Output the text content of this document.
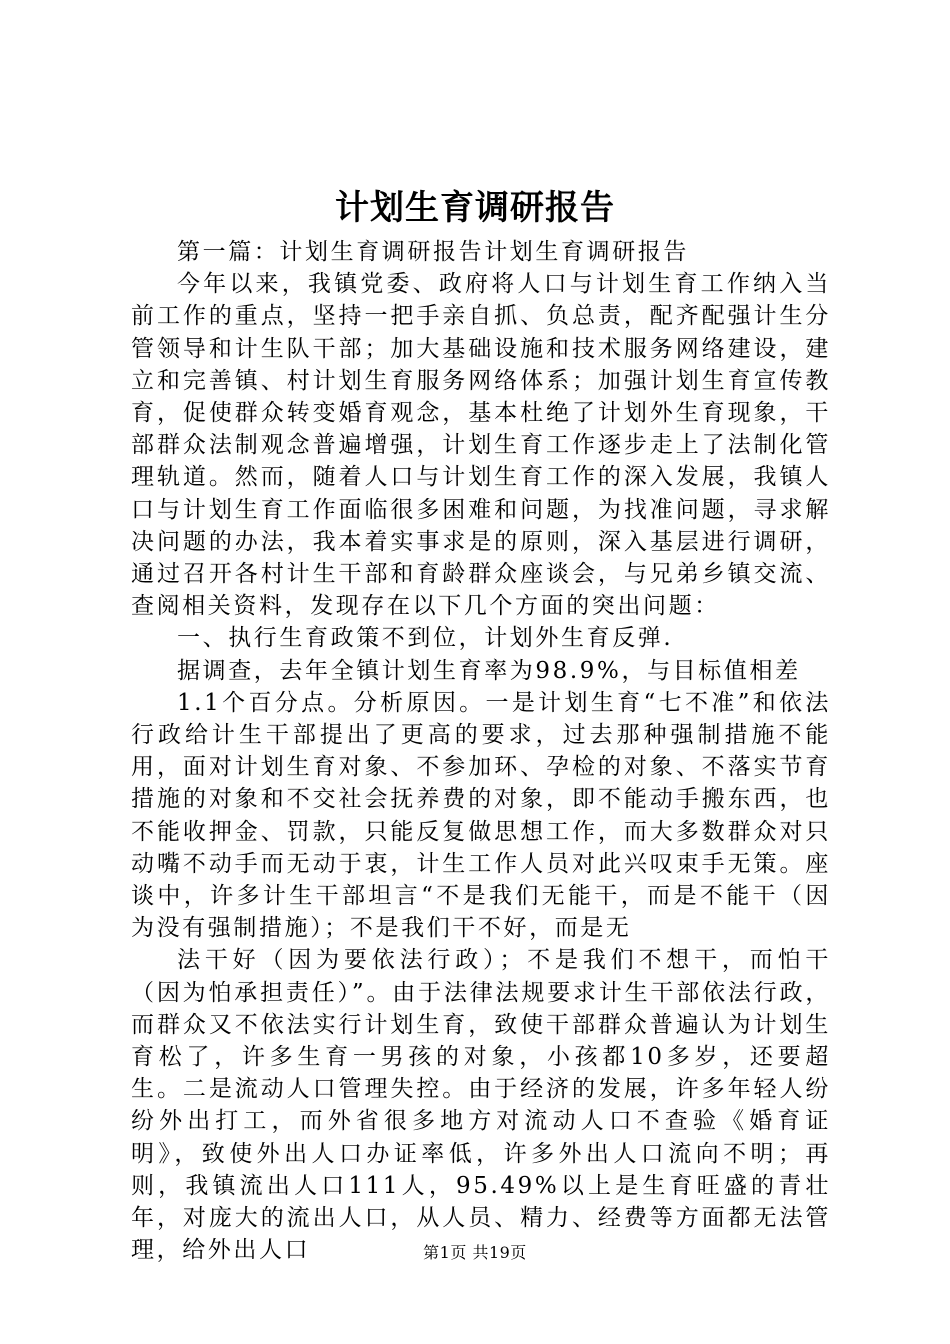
计划生育调研报告

第一篇：计划生育调研报告计划生育调研报告

今年以来，我镇党委、政府将人口与计划生育工作纳入当前工作的重点，坚持一把手亲自抓、负总责，配齐配强计生分管领导和计生队干部；加大基础设施和技术服务网络建设，建立和完善镇、村计划生育服务网络体系；加强计划生育宣传教育，促使群众转变婚育观念，基本杜绝了计划外生育现象，干部群众法制观念普遍增强，计划生育工作逐步走上了法制化管理轨道。然而，随着人口与计划生育工作的深入发展，我镇人口与计划生育工作面临很多困难和问题，为找准问题，寻求解决问题的办法，我本着实事求是的原则，深入基层进行调研，通过召开各村计生干部和育龄群众座谈会，与兄弟乡镇交流、查阅相关资料，发现存在以下几个方面的突出问题：

一、执行生育政策不到位，计划外生育反弹.

据调查，去年全镇计划生育率为98.9%，与目标值相差

1.1个百分点。分析原因。一是计划生育“七不准”和依法行政给计生干部提出了更高的要求，过去那种强制措施不能用，面对计划生育对象、不参加环、孕检的对象、不落实节育措施的对象和不交社会抚养费的对象，即不能动手搬东西，也不能收押金、罚款，只能反复做思想工作，而大多数群众对只动嘴不动手而无动于衷，计生工作人员对此兴叹束手无策。座谈中，许多计生干部坦言“不是我们无能干，而是不能干（因为没有强制措施）；不是我们干不好，而是无

法干好（因为要依法行政）；不是我们不想干，而怕干（因为怕承担责任）”。由于法律法规要求计生干部依法行政，而群众又不依法实行计划生育，致使干部群众普遍认为计划生育松了，许多生育一男孩的对象，小孩都10多岁，还要超生。二是流动人口管理失控。由于经济的发展，许多年轻人纷纷外出打工，而外省很多地方对流动人口不查验《婚育证明》，致使外出人口办证率低，许多外出人口流向不明；再则，我镇流出人口111人，95.49%以上是生育旺盛的青壮年，对庞大的流出人口，从人员、精力、经费等方面都无法管理，给外出人口	第1页 共19页
